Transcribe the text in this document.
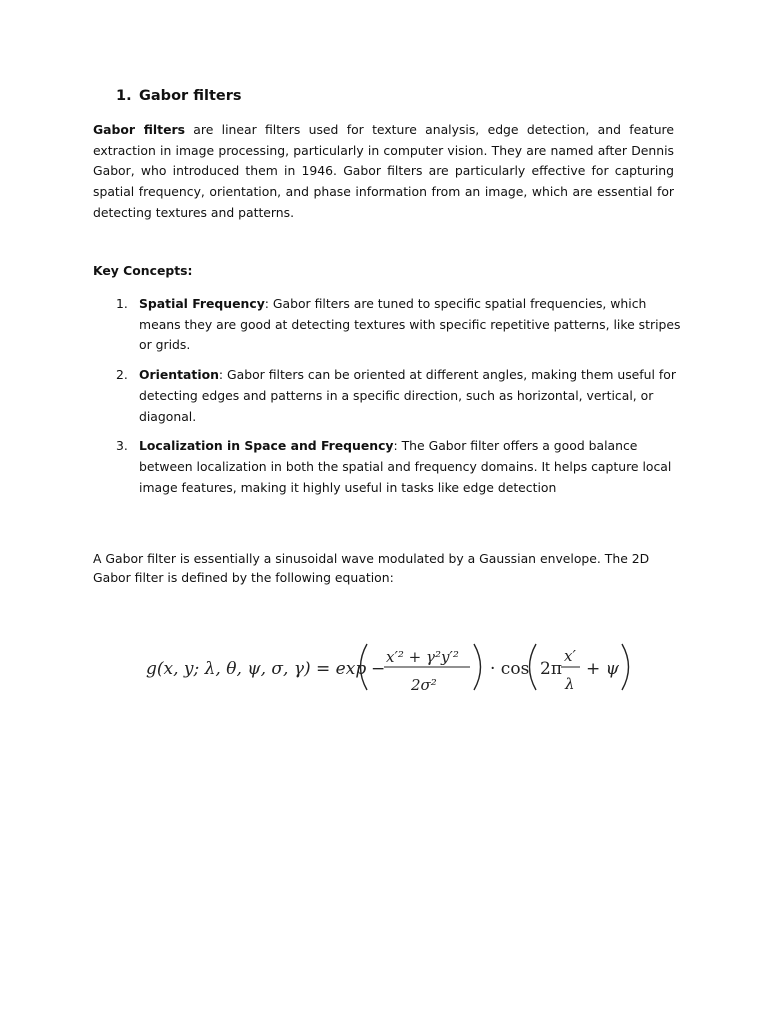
1. Gabor filters

Gabor filters are linear filters used for texture analysis, edge detection, and feature extraction in image processing, particularly in computer vision. They are named after Dennis Gabor, who introduced them in 1946. Gabor filters are particularly effective for capturing spatial frequency, orientation, and phase information from an image, which are essential for detecting textures and patterns.

Key Concepts:

1. Spatial Frequency: Gabor filters are tuned to specific spatial frequencies, which means they are good at detecting textures with specific repetitive patterns, like stripes or grids.
2. Orientation: Gabor filters can be oriented at different angles, making them useful for detecting edges and patterns in a specific direction, such as horizontal, vertical, or diagonal.
3. Localization in Space and Frequency: The Gabor filter offers a good balance between localization in both the spatial and frequency domains. It helps capture local image features, making it highly useful in tasks like edge detection

A Gabor filter is essentially a sinusoidal wave modulated by a Gaussian envelope. The 2D Gabor filter is defined by the following equation:

g(x, y; λ, θ, ψ, σ, γ) = exp −
x′² + γ²y′²
2σ²
· cos 2π
x′
λ
+ ψ
